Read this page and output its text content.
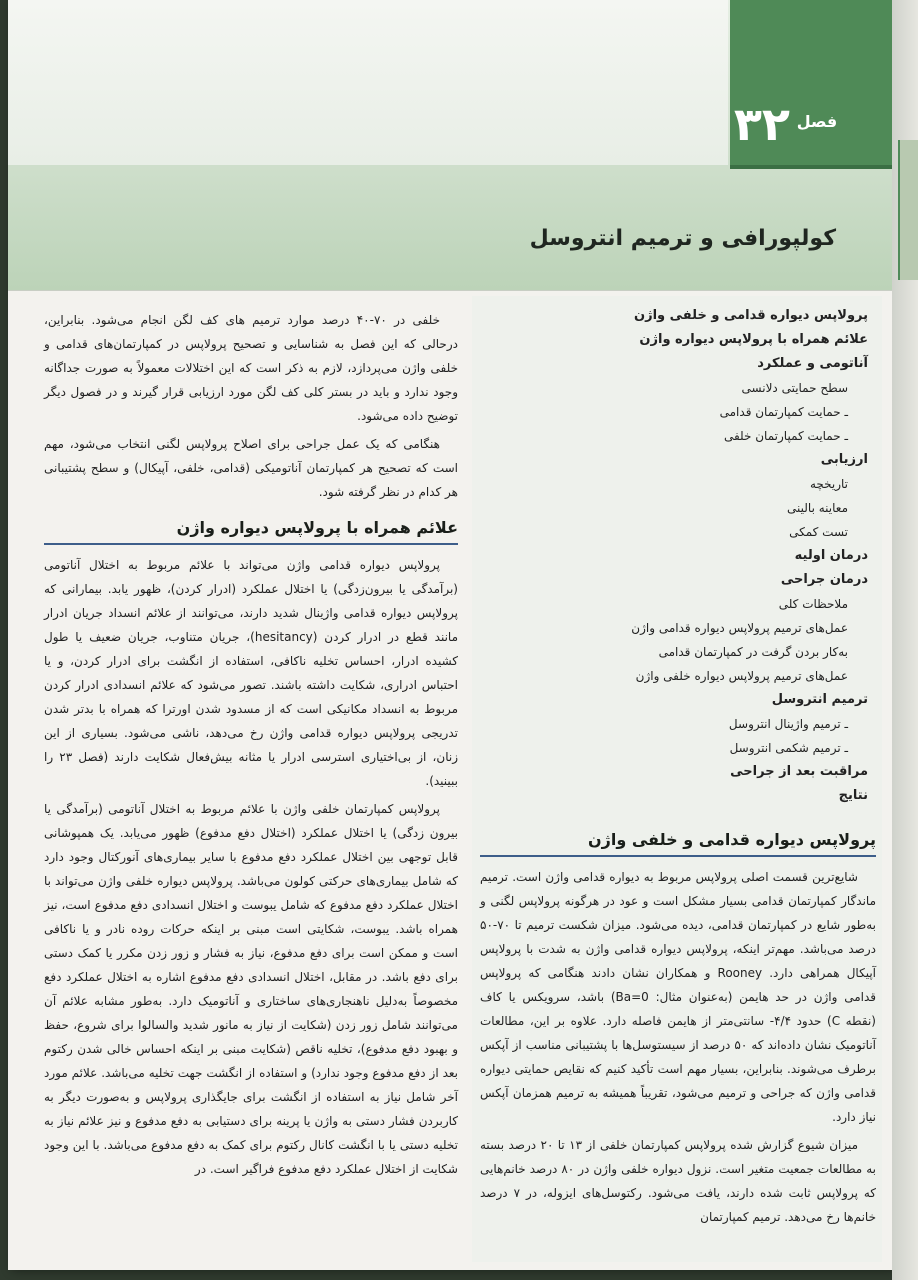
۳۲ فصل
کولپورافی و ترمیم انتروسل

خلفی در ۷۰-۴۰ درصد موارد ترمیم های کف لگن انجام می‌شود. بنابراین، درحالی که این فصل به شناسایی و تصحیح پرولاپس در کمپارتمان‌های قدامی و خلفی واژن می‌پردازد، لازم به ذکر است که این اختلالات معمولاً به صورت جداگانه وجود ندارد و باید در بستر کلی کف لگن مورد ارزیابی قرار گیرند و در فصول دیگر توضیح داده می‌شود.

هنگامی که یک عمل جراحی برای اصلاح پرولاپس لگنی انتخاب می‌شود، مهم است که تصحیح هر کمپارتمان آناتومیکی (قدامی، خلفی، آپیکال) و سطح پشتیبانی هر کدام در نظر گرفته شود.

علائم همراه با پرولاپس دیواره واژن

پرولاپس دیواره قدامی واژن می‌تواند با علائم مربوط به اختلال آناتومی (برآمدگی یا بیرون‌زدگی) یا اختلال عملکرد (ادرار کردن)، ظهور یابد. بیمارانی که پرولاپس دیواره قدامی واژینال شدید دارند، می‌توانند از علائم انسداد جریان ادرار مانند قطع در ادرار کردن (hesitancy)، جریان متناوب، جریان ضعیف یا طول کشیده ادرار، احساس تخلیه ناکافی، استفاده از انگشت برای ادرار کردن، و یا احتباس ادراری، شکایت داشته باشند. تصور می‌شود که علائم انسدادی ادرار کردن مربوط به انسداد مکانیکی است که از مسدود شدن اورترا که همراه با بدتر شدن تدریجی پرولاپس دیواره قدامی واژن رخ می‌دهد، ناشی می‌شود. بسیاری از این زنان، از بی‌اختیاری استرسی ادرار یا مثانه بیش‌فعال شکایت دارند (فصل ۲۳ را ببینید).

پرولاپس کمپارتمان خلفی واژن با علائم مربوط به اختلال آناتومی (برآمدگی یا بیرون زدگی) یا اختلال عملکرد (اختلال دفع مدفوع) ظهور می‌یابد. یک همپوشانی قابل توجهی بین اختلال عملکرد دفع مدفوع با سایر بیماری‌های آنورکتال وجود دارد که شامل بیماری‌های حرکتی کولون می‌باشد. پرولاپس دیواره خلفی واژن می‌تواند با اختلال عملکرد دفع مدفوع که شامل یبوست و اختلال انسدادی دفع مدفوع است، نیز همراه باشد. یبوست، شکایتی است مبنی بر اینکه حرکات روده نادر و یا ناکافی است و ممکن است برای دفع مدفوع، نیاز به فشار و زور زدن مکرر یا کمک دستی برای دفع باشد. در مقابل، اختلال انسدادی دفع مدفوع اشاره به اختلال عملکرد دفع مخصوصاً به‌دلیل ناهنجاری‌های ساختاری و آناتومیک دارد. به‌طور مشابه علائم آن می‌توانند شامل زور زدن (شکایت از نیاز به مانور شدید والسالوا برای شروع، حفظ و بهبود دفع مدفوع)، تخلیه ناقص (شکایت مبنی بر اینکه احساس خالی شدن رکتوم بعد از دفع مدفوع وجود ندارد) و استفاده از انگشت جهت تخلیه می‌باشد. علائم مورد آخر شامل نیاز به استفاده از انگشت برای جایگذاری پرولاپس و به‌صورت دیگر به کاربردن فشار دستی به واژن یا پرینه برای دستیابی به دفع مدفوع و نیز علائم نیاز به تخلیه دستی یا با انگشت کانال رکتوم برای کمک به دفع مدفوع می‌باشد. با این وجود شکایت از اختلال عملکرد دفع مدفوع فراگیر است. در

پرولاپس دیواره قدامی و خلفی واژن
علائم همراه با پرولاپس دیواره واژن
آناتومی و عملکرد
سطح حمایتی دلانسی
ـ حمایت کمپارتمان قدامی
ـ حمایت کمپارتمان خلفی
ارزیابی
تاریخچه
معاینه بالینی
تست کمکی
درمان اولیه
درمان جراحی
ملاحظات کلی
عمل‌های ترمیم پرولاپس دیواره قدامی واژن
به‌کار بردن گرفت در کمپارتمان قدامی
عمل‌های ترمیم پرولاپس دیواره خلفی واژن
ترمیم انتروسل
ـ ترمیم واژینال انتروسل
ـ ترمیم شکمی انتروسل
مراقبت بعد از جراحی
نتایج
پرولاپس دیواره قدامی و خلفی واژن

شایع‌ترین قسمت اصلی پرولاپس مربوط به دیواره قدامی واژن است. ترمیم ماندگار کمپارتمان قدامی بسیار مشکل است و عود در هرگونه پرولاپس لگنی و به‌طور شایع در کمپارتمان قدامی، دیده می‌شود. میزان شکست ترمیم تا ۷۰-۵۰ درصد می‌باشد. مهم‌تر اینکه، پرولاپس دیواره قدامی واژن به شدت با پرولاپس آپیکال همراهی دارد. Rooney و همکاران نشان دادند هنگامی که پرولاپس قدامی واژن در حد هایمن (به‌عنوان مثال: Ba=0) باشد، سرویکس یا کاف (نقطه C) حدود ۴/۴- سانتی‌متر از هایمن فاصله دارد. علاوه بر این، مطالعات آناتومیک نشان داده‌اند که ۵۰ درصد از سیستوسل‌ها با پشتیبانی مناسب از آپکس برطرف می‌شوند. بنابراین، بسیار مهم است تأکید کنیم که نقایص حمایتی دیواره قدامی واژن که جراحی و ترمیم می‌شود، تقریباً همیشه به ترمیم همزمان آپکس نیاز دارد.

میزان شیوع گزارش شده پرولاپس کمپارتمان خلفی از ۱۳ تا ۲۰ درصد بسته به مطالعات جمعیت متغیر است. نزول دیواره خلفی واژن در ۸۰ درصد خانم‌هایی که پرولاپس ثابت شده دارند، یافت می‌شود. رکتوسل‌های ایزوله، در ۷ درصد خانم‌ها رخ می‌دهد. ترمیم کمپارتمان
